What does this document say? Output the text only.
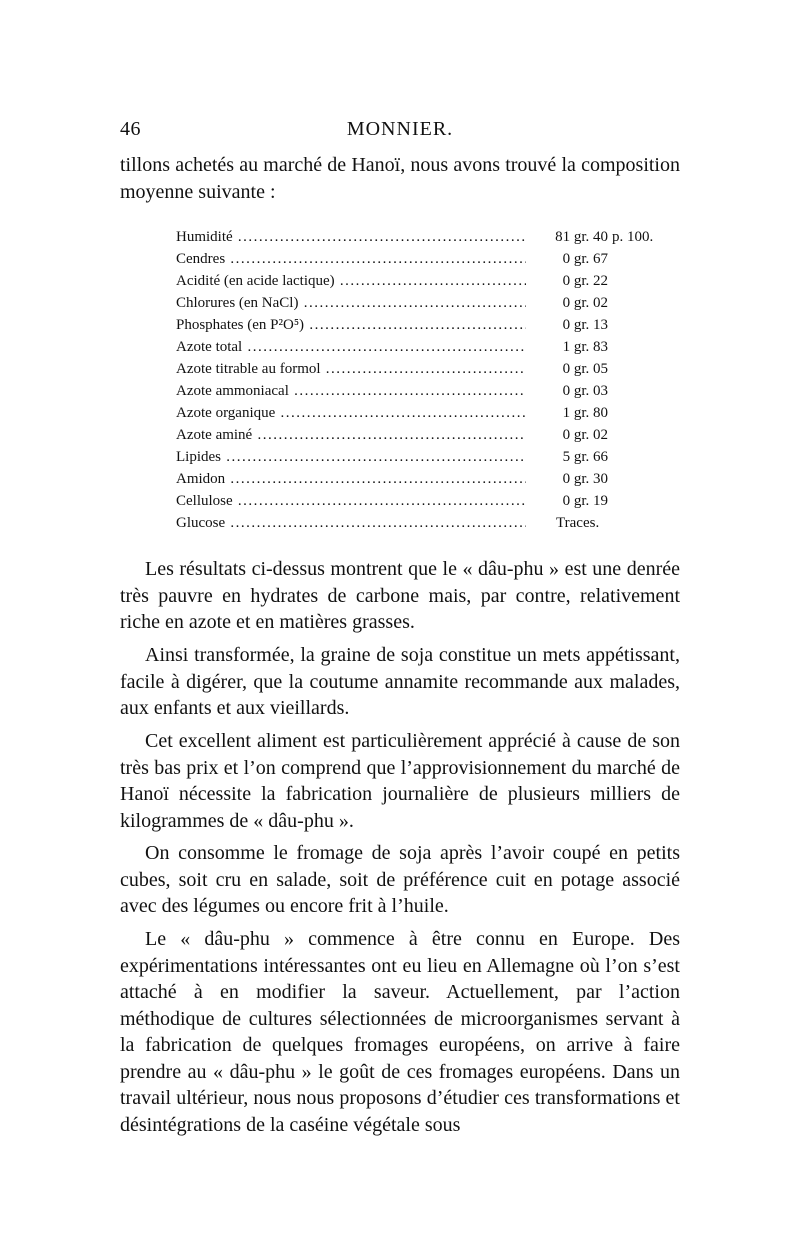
46	MONNIER.

tillons achetés au marché de Hanoï, nous avons trouvé la composition moyenne suivante :

Humidité .....	81 gr. 40 p. 100.
Cendres .....	0 gr. 67
Acidité (en acide lactique) .....	0 gr. 22
Chlorures (en NaCl) .....	0 gr. 02
Phosphates (en P²O⁵) .....	0 gr. 13
Azote total .....	1 gr. 83
Azote titrable au formol .....	0 gr. 05
Azote ammoniacal .....	0 gr. 03
Azote organique .....	1 gr. 80
Azote aminé .....	0 gr. 02
Lipides .....	5 gr. 66
Amidon .....	0 gr. 30
Cellulose .....	0 gr. 19
Glucose .....	Traces.

Les résultats ci-dessus montrent que le « dâu-phu » est une denrée très pauvre en hydrates de carbone mais, par contre, relativement riche en azote et en matières grasses.

Ainsi transformée, la graine de soja constitue un mets appétissant, facile à digérer, que la coutume annamite recommande aux malades, aux enfants et aux vieillards.

Cet excellent aliment est particulièrement apprécié à cause de son très bas prix et l’on comprend que l’approvisionnement du marché de Hanoï nécessite la fabrication journalière de plusieurs milliers de kilogrammes de « dâu-phu ».

On consomme le fromage de soja après l’avoir coupé en petits cubes, soit cru en salade, soit de préférence cuit en potage associé avec des légumes ou encore frit à l’huile.

Le « dâu-phu » commence à être connu en Europe. Des expérimentations intéressantes ont eu lieu en Allemagne où l’on s’est attaché à en modifier la saveur. Actuellement, par l’action méthodique de cultures sélectionnées de microorganismes servant à la fabrication de quelques fromages européens, on arrive à faire prendre au « dâu-phu » le goût de ces fromages européens. Dans un travail ultérieur, nous nous proposons d’étudier ces transformations et désintégrations de la caséine végétale sous
